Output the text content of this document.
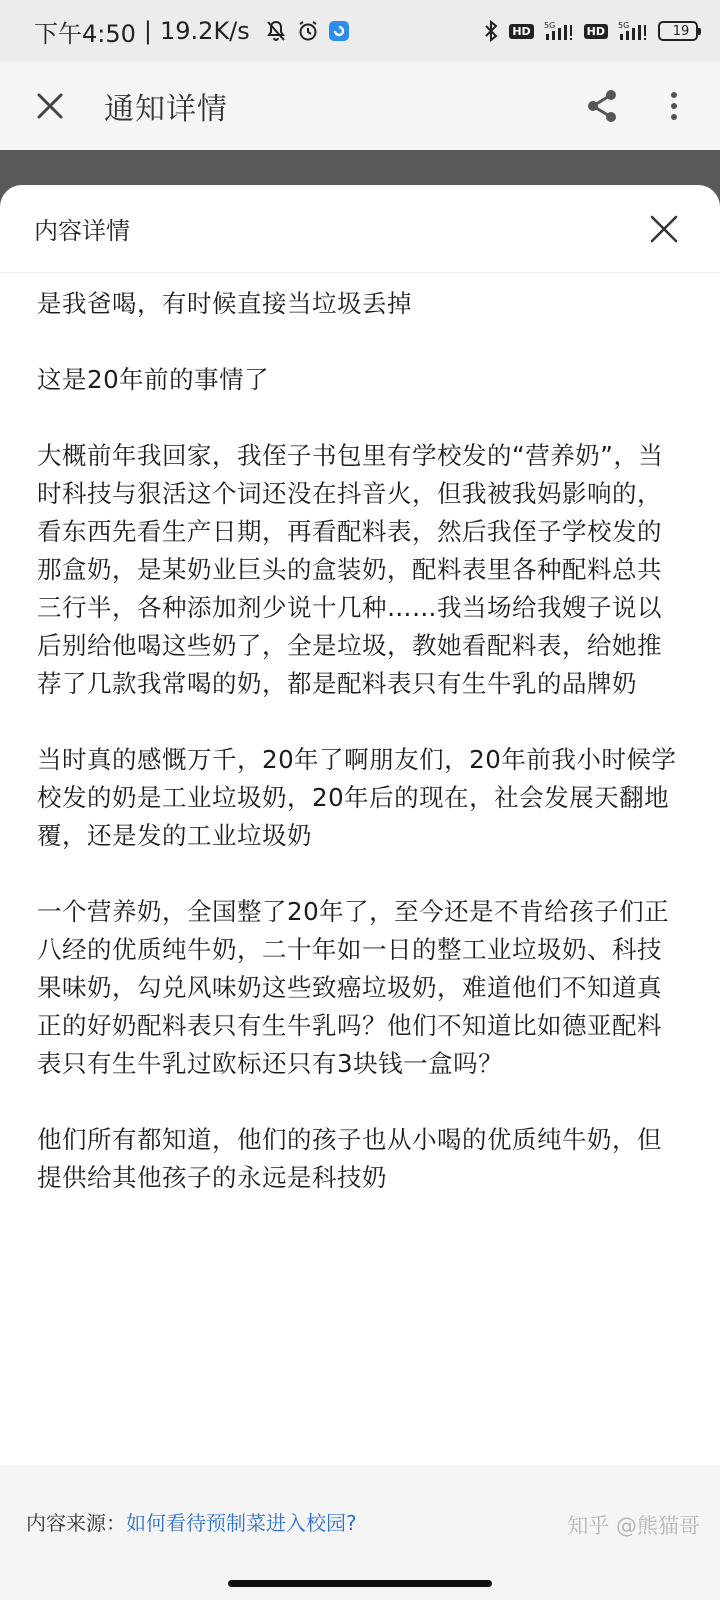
下午4:50 | 19.2K/s	HD	5G	HD	5G	19
通知详情
内容详情

是我爸喝，有时候直接当垃圾丢掉

这是20年前的事情了

大概前年我回家，我侄子书包里有学校发的“营养奶”，当时科技与狠活这个词还没在抖音火，但我被我妈影响的，看东西先看生产日期，再看配料表，然后我侄子学校发的那盒奶，是某奶业巨头的盒装奶，配料表里各种配料总共三行半，各种添加剂少说十几种……我当场给我嫂子说以后别给他喝这些奶了，全是垃圾，教她看配料表，给她推荐了几款我常喝的奶，都是配料表只有生牛乳的品牌奶

当时真的感慨万千，20年了啊朋友们，20年前我小时候学校发的奶是工业垃圾奶，20年后的现在，社会发展天翻地覆，还是发的工业垃圾奶

一个营养奶，全国整了20年了，至今还是不肯给孩子们正八经的优质纯牛奶，二十年如一日的整工业垃圾奶、科技果味奶，勾兑风味奶这些致癌垃圾奶，难道他们不知道真正的好奶配料表只有生牛乳吗？他们不知道比如德亚配料表只有生牛乳过欧标还只有3块钱一盒吗？

他们所有都知道，他们的孩子也从小喝的优质纯牛奶，但提供给其他孩子的永远是科技奶

内容来源： 如何看待预制菜进入校园?	知乎 @熊猫哥
